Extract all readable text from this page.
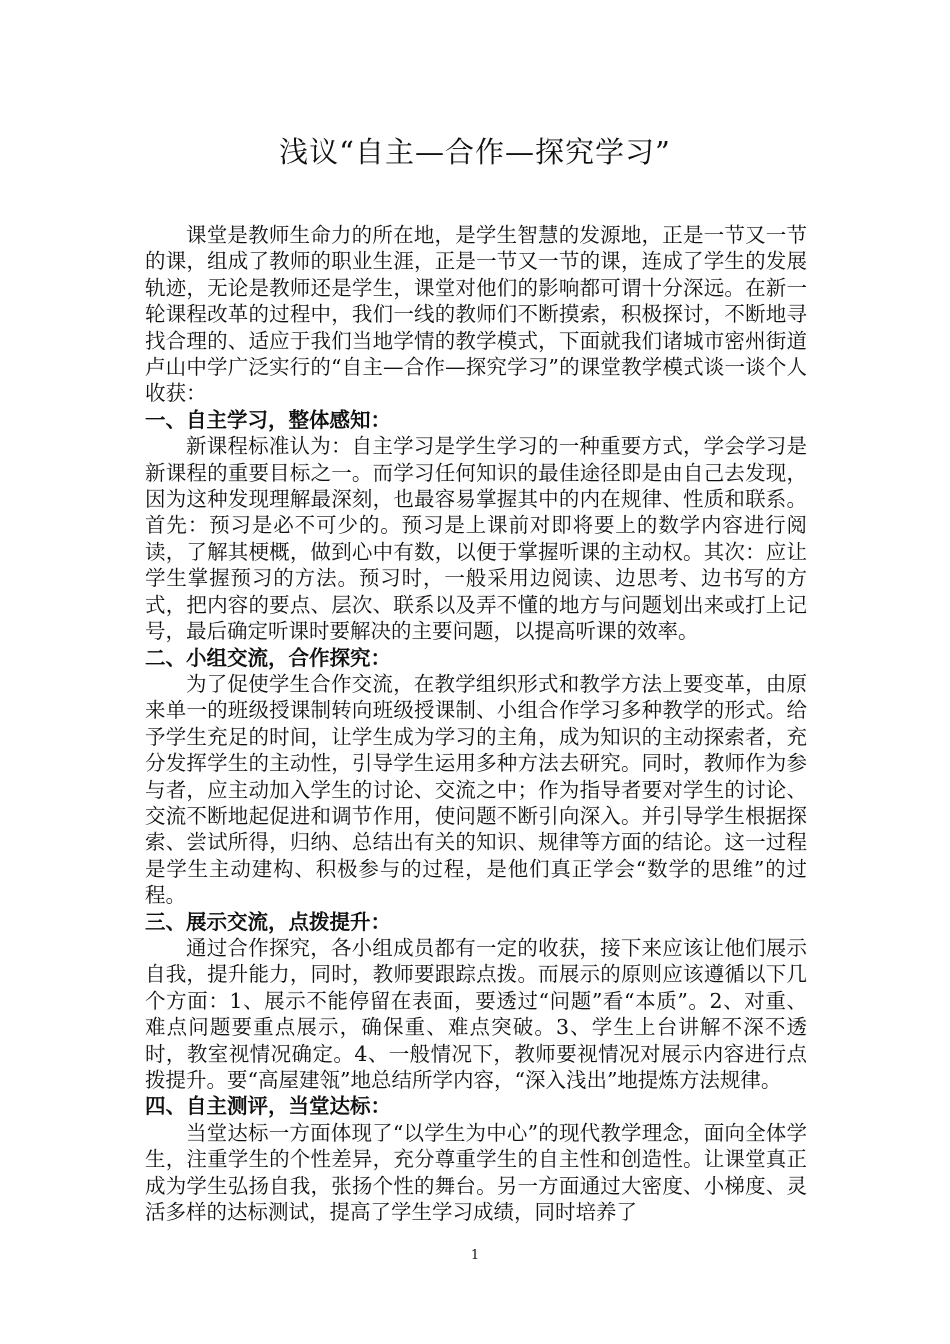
浅议“自主—合作—探究学习”

课堂是教师生命力的所在地，是学生智慧的发源地，正是一节又一节的课，组成了教师的职业生涯，正是一节又一节的课，连成了学生的发展轨迹，无论是教师还是学生，课堂对他们的影响都可谓十分深远。在新一轮课程改革的过程中，我们一线的教师们不断摸索，积极探讨，不断地寻找合理的、适应于我们当地学情的教学模式，下面就我们诸城市密州街道卢山中学广泛实行的“自主—合作—探究学习”的课堂教学模式谈一谈个人收获：

一、自主学习，整体感知：

新课程标准认为：自主学习是学生学习的一种重要方式，学会学习是新课程的重要目标之一。而学习任何知识的最佳途径即是由自己去发现，因为这种发现理解最深刻，也最容易掌握其中的内在规律、性质和联系。首先：预习是必不可少的。预习是上课前对即将要上的数学内容进行阅读，了解其梗概，做到心中有数，以便于掌握听课的主动权。其次：应让学生掌握预习的方法。预习时，一般采用边阅读、边思考、边书写的方式，把内容的要点、层次、联系以及弄不懂的地方与问题划出来或打上记号，最后确定听课时要解决的主要问题，以提高听课的效率。

二、小组交流，合作探究：

为了促使学生合作交流，在教学组织形式和教学方法上要变革，由原来单一的班级授课制转向班级授课制、小组合作学习多种教学的形式。给予学生充足的时间，让学生成为学习的主角，成为知识的主动探索者，充分发挥学生的主动性，引导学生运用多种方法去研究。同时，教师作为参与者，应主动加入学生的讨论、交流之中；作为指导者要对学生的讨论、交流不断地起促进和调节作用，使问题不断引向深入。并引导学生根据探索、尝试所得，归纳、总结出有关的知识、规律等方面的结论。这一过程是学生主动建构、积极参与的过程，是他们真正学会“数学的思维”的过程。

三、展示交流，点拨提升：

通过合作探究，各小组成员都有一定的收获，接下来应该让他们展示自我，提升能力，同时，教师要跟踪点拨。而展示的原则应该遵循以下几个方面：1、展示不能停留在表面，要透过“问题”看“本质”。2、对重、难点问题要重点展示，确保重、难点突破。3、学生上台讲解不深不透时，教室视情况确定。4、一般情况下，教师要视情况对展示内容进行点拨提升。要“高屋建瓴”地总结所学内容，“深入浅出”地提炼方法规律。

四、自主测评，当堂达标：

当堂达标一方面体现了“以学生为中心”的现代教学理念，面向全体学生，注重学生的个性差异，充分尊重学生的自主性和创造性。让课堂真正成为学生弘扬自我，张扬个性的舞台。另一方面通过大密度、小梯度、灵活多样的达标测试，提高了学生学习成绩，同时培养了

1
